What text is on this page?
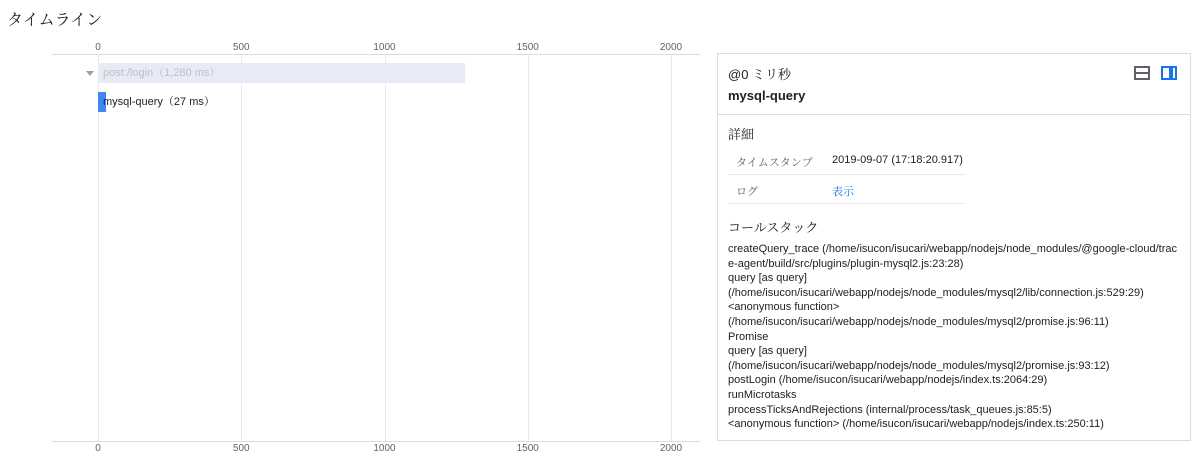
タイムライン
0	500	1000	1500	2000
0	500	1000	1500	2000
post:/login（1,280 ms）
mysql-query（27 ms）
@0 ミリ秒
mysql-query
詳細
タイムスタンプ 2019-09-07 (17:18:20.917)
ログ	表示
コールスタック
createQuery_trace (/home/isucon/isucari/webapp/nodejs/node_modules/@google-cloud/trace-agent/build/src/plugins/plugin-mysql2.js:23:28)
query [as query]
(/home/isucon/isucari/webapp/nodejs/node_modules/mysql2/lib/connection.js:529:29)
<anonymous function>
(/home/isucon/isucari/webapp/nodejs/node_modules/mysql2/promise.js:96:11)
Promise
query [as query]
(/home/isucon/isucari/webapp/nodejs/node_modules/mysql2/promise.js:93:12)
postLogin (/home/isucon/isucari/webapp/nodejs/index.ts:2064:29)
runMicrotasks
processTicksAndRejections (internal/process/task_queues.js:85:5)
<anonymous function> (/home/isucon/isucari/webapp/nodejs/index.ts:250:11)
